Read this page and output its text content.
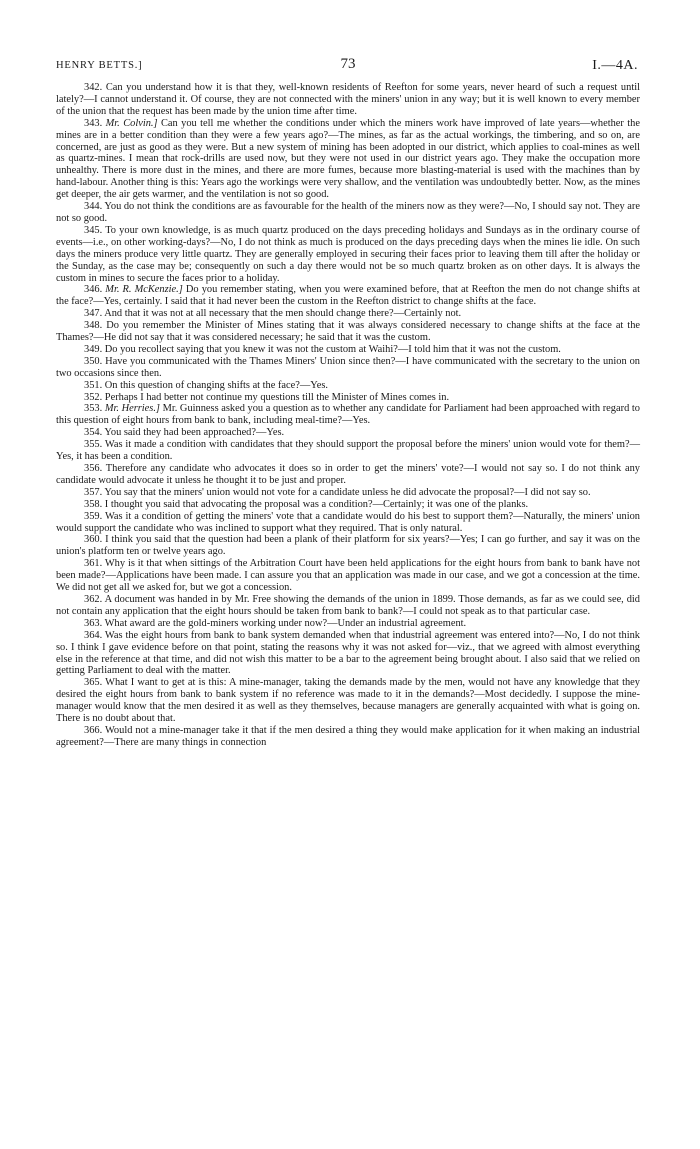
HENRY BETTS.]	73	I.—4A.

342. Can you understand how it is that they, well-known residents of Reefton for some years, never heard of such a request until lately?—I cannot understand it. Of course, they are not connected with the miners' union in any way; but it is well known to every member of the union that the request has been made by the union time after time.

343. Mr. Colvin.] Can you tell me whether the conditions under which the miners work have improved of late years—whether the mines are in a better condition than they were a few years ago?—The mines, as far as the actual workings, the timbering, and so on, are concerned, are just as good as they were. But a new system of mining has been adopted in our district, which applies to coal-mines as well as quartz-mines. I mean that rock-drills are used now, but they were not used in our district years ago. They make the occupation more unhealthy. There is more dust in the mines, and there are more fumes, because more blasting-material is used with the machines than by hand-labour. Another thing is this: Years ago the workings were very shallow, and the ventilation was undoubtedly better. Now, as the mines get deeper, the air gets warmer, and the ventilation is not so good.

344. You do not think the conditions are as favourable for the health of the miners now as they were?—No, I should say not. They are not so good.

345. To your own knowledge, is as much quartz produced on the days preceding holidays and Sundays as in the ordinary course of events—i.e., on other working-days?—No, I do not think as much is produced on the days preceding days when the mines lie idle. On such days the miners produce very little quartz. They are generally employed in securing their faces prior to leaving them till after the holiday or the Sunday, as the case may be; consequently on such a day there would not be so much quartz broken as on other days. It is always the custom in mines to secure the faces prior to a holiday.

346. Mr. R. McKenzie.] Do you remember stating, when you were examined before, that at Reefton the men do not change shifts at the face?—Yes, certainly. I said that it had never been the custom in the Reefton district to change shifts at the face.

347. And that it was not at all necessary that the men should change there?—Certainly not.

348. Do you remember the Minister of Mines stating that it was always considered necessary to change shifts at the face at the Thames?—He did not say that it was considered necessary; he said that it was the custom.

349. Do you recollect saying that you knew it was not the custom at Waihi?—I told him that it was not the custom.

350. Have you communicated with the Thames Miners' Union since then?—I have communicated with the secretary to the union on two occasions since then.

351. On this question of changing shifts at the face?—Yes.

352. Perhaps I had better not continue my questions till the Minister of Mines comes in.

353. Mr. Herries.] Mr. Guinness asked you a question as to whether any candidate for Parliament had been approached with regard to this question of eight hours from bank to bank, including meal-time?—Yes.

354. You said they had been approached?—Yes.

355. Was it made a condition with candidates that they should support the proposal before the miners' union would vote for them?—Yes, it has been a condition.

356. Therefore any candidate who advocates it does so in order to get the miners' vote?—I would not say so. I do not think any candidate would advocate it unless he thought it to be just and proper.

357. You say that the miners' union would not vote for a candidate unless he did advocate the proposal?—I did not say so.

358. I thought you said that advocating the proposal was a condition?—Certainly; it was one of the planks.

359. Was it a condition of getting the miners' vote that a candidate would do his best to support them?—Naturally, the miners' union would support the candidate who was inclined to support what they required. That is only natural.

360. I think you said that the question had been a plank of their platform for six years?—Yes; I can go further, and say it was on the union's platform ten or twelve years ago.

361. Why is it that when sittings of the Arbitration Court have been held applications for the eight hours from bank to bank have not been made?—Applications have been made. I can assure you that an application was made in our case, and we got a concession at the time. We did not get all we asked for, but we got a concession.

362. A document was handed in by Mr. Free showing the demands of the union in 1899. Those demands, as far as we could see, did not contain any application that the eight hours should be taken from bank to bank?—I could not speak as to that particular case.

363. What award are the gold-miners working under now?—Under an industrial agreement.

364. Was the eight hours from bank to bank system demanded when that industrial agreement was entered into?—No, I do not think so. I think I gave evidence before on that point, stating the reasons why it was not asked for—viz., that we agreed with almost everything else in the reference at that time, and did not wish this matter to be a bar to the agreement being brought about. I also said that we relied on getting Parliament to deal with the matter.

365. What I want to get at is this: A mine-manager, taking the demands made by the men, would not have any knowledge that they desired the eight hours from bank to bank system if no reference was made to it in the demands?—Most decidedly. I suppose the mine-manager would know that the men desired it as well as they themselves, because managers are generally acquainted with what is going on. There is no doubt about that.

366. Would not a mine-manager take it that if the men desired a thing they would make application for it when making an industrial agreement?—There are many things in connection
